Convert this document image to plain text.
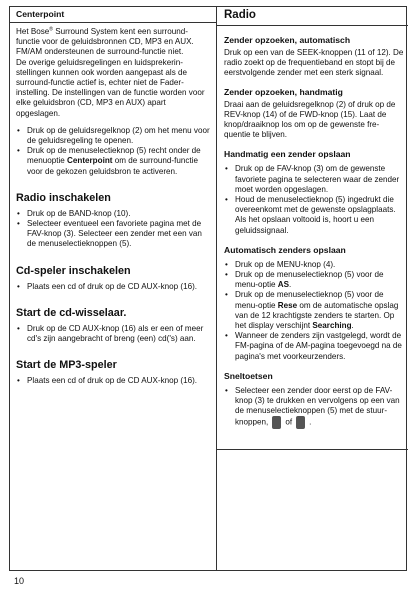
Centerpoint

Het Bose® Surround System kent een surround-functie voor de geluidsbronnen CD, MP3 en AUX. FM/AM ondersteunen de surround-functie niet.

De overige geluidsregelingen en luidsprekerin-stellingen kunnen ook worden aangepast als de surround-functie actief is, echter niet de Fader-instelling. De instellingen van de functie worden voor elke geluidsbron (CD, MP3 en AUX) apart opgeslagen.

• Druk op de geluidsregelknop (2) om het menu voor de geluidsregeling te openen.
• Druk op de menuselectieknop (5) recht onder de menuoptie Centerpoint om de surround-functie voor de gekozen geluidsbron te activeren.
Radio inschakelen
• Druk op de BAND-knop (10).
• Selecteer eventueel een favoriete pagina met de FAV-knop (3). Selecteer een zender met een van de menuselectieknoppen (5).
Cd-speler inschakelen
• Plaats een cd of druk op de CD AUX-knop (16).
Start de cd-wisselaar.
• Druk op de CD AUX-knop (16) als er een of meer cd's zijn aangebracht of breng (een) cd('s) aan.
Start de MP3-speler
• Plaats een cd of druk op de CD AUX-knop (16).
Radio
Zender opzoeken, automatisch

Druk op een van de SEEK-knoppen (11 of 12). De radio zoekt op de frequentieband en stopt bij de eerstvolgende zender met een sterk signaal.

Zender opzoeken, handmatig

Draai aan de geluidsregelknop (2) of druk op de REV-knop (14) of de FWD-knop (15). Laat de knop/draaiknop los om op de gewenste fre-quentie te blijven.

Handmatig een zender opslaan
• Druk op de FAV-knop (3) om de gewenste favoriete pagina te selecteren waar de zender moet worden opgeslagen.
• Houd de menuselectieknop (5) ingedrukt die overeenkomt met de gewenste opslagplaats. Als het opslaan voltooid is, hoort u een geluidssignaal.
Automatisch zenders opslaan
• Druk op de MENU-knop (4).
• Druk op de menuselectieknop (5) voor de menu-optie AS.
• Druk op de menuselectieknop (5) voor de menu-optie Rese om de automatische opslag van de 12 krachtigste zenders te starten. Op het display verschijnt Searching.
• Wanneer de zenders zijn vastgelegd, wordt de FM-pagina of de AM-pagina toegevoegd na de pagina's met voorkeurzenders.
Sneltoetsen
• Selecteer een zender door eerst op de FAV-knop (3) te drukken en vervolgens op een van de menuselectieknoppen (5) met de stuur-knoppen, of .
10
